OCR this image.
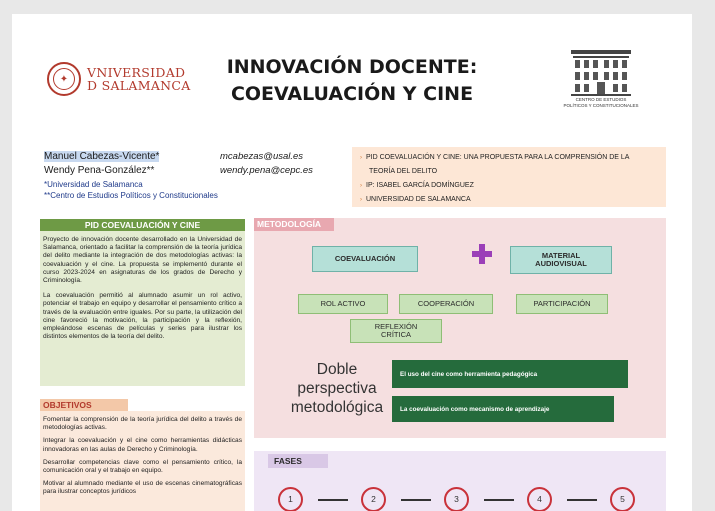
✦	VNIVERSIDAD
D SALAMANCA
INNOVACIÓN DOCENTE:
COEVALUACIÓN Y CINE	CENTRO DE ESTUDIOS
POLÍTICOS Y CONSTITUCIONALES
Manuel Cabezas-Vicente*	mcabezas@usal.es
Wendy Pena-González**	wendy.pena@cepc.es
*Universidad de Salamanca
**Centro de Estudios Políticos y Constitucionales
› PID COEVALUACIÓN Y CINE: UNA PROPUESTA PARA LA COMPRENSIÓN DE LA
TEORÍA DEL DELITO
› IP: ISABEL GARCÍA DOMÍNGUEZ
› UNIVERSIDAD DE SALAMANCA
PID COEVALUACIÓN Y CINE

Proyecto de innovación docente desarrollado en la Universidad de Salamanca, orientado a facilitar la comprensión de la teoría jurídica del delito mediante la integración de dos metodologías activas: la coevaluación y el cine. La propuesta se implementó durante el curso 2023-2024 en asignaturas de los grados de Derecho y Criminología.

La coevaluación permitió al alumnado asumir un rol activo, potenciar el trabajo en equipo y desarrollar el pensamiento crítico a través de la evaluación entre iguales. Por su parte, la utilización del cine favoreció la motivación, la participación y la reflexión, empleándose escenas de películas y series para ilustrar los distintos elementos de la teoría del delito.

OBJETIVOS

Fomentar la comprensión de la teoría jurídica del delito a través de metodologías activas.

Integrar la coevaluación y el cine como herramientas didácticas innovadoras en las aulas de Derecho y Criminología.

Desarrollar competencias clave como el pensamiento crítico, la comunicación oral y el trabajo en equipo.

Motivar al alumnado mediante el uso de escenas cinematográficas para ilustrar conceptos jurídicos

METODOLOGÍA
COEVALUACIÓN	MATERIAL
AUDIOVISUAL
ROL ACTIVO	COOPERACIÓN	PARTICIPACIÓN
REFLEXIÓN
CRÍTICA
Doble
perspectiva
metodológica
El uso del cine como herramienta pedagógica
La coevaluación como mecanismo de aprendizaje
FASES
1	2	3	4	5
